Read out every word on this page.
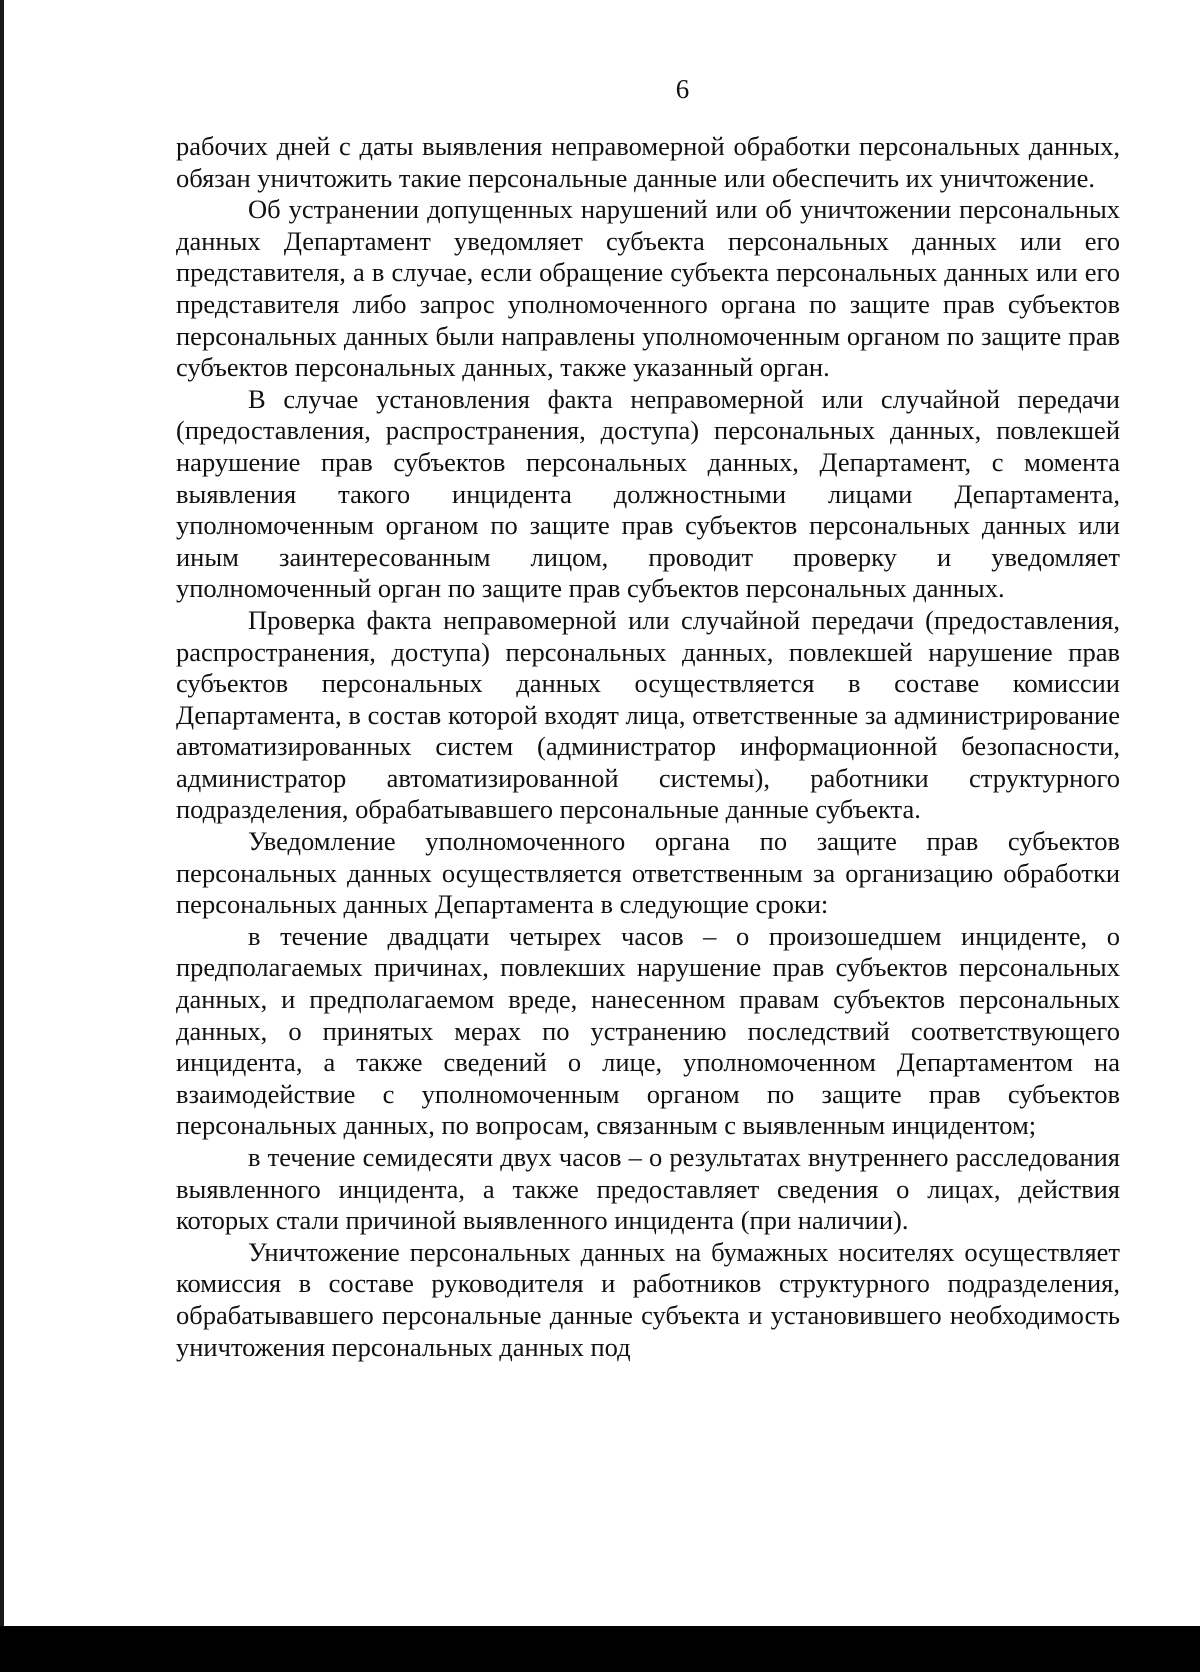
6

рабочих дней с даты выявления неправомерной обработки персональных данных, обязан уничтожить такие персональные данные или обеспечить их уничтожение.

Об устранении допущенных нарушений или об уничтожении персональных данных Департамент уведомляет субъекта персональных данных или его представителя, а в случае, если обращение субъекта персональных данных или его представителя либо запрос уполномоченного органа по защите прав субъектов персональных данных были направлены уполномоченным органом по защите прав субъектов персональных данных, также указанный орган.

В случае установления факта неправомерной или случайной передачи (предоставления, распространения, доступа) персональных данных, повлекшей нарушение прав субъектов персональных данных, Департамент, с момента выявления такого инцидента должностными лицами Департамента, уполномоченным органом по защите прав субъектов персональных данных или иным заинтересованным лицом, проводит проверку и уведомляет уполномоченный орган по защите прав субъектов персональных данных.

Проверка факта неправомерной или случайной передачи (предоставления, распространения, доступа) персональных данных, повлекшей нарушение прав субъектов персональных данных осуществляется в составе комиссии Департамента, в состав которой входят лица, ответственные за администрирование автоматизированных систем (администратор информационной безопасности, администратор автоматизированной системы), работники структурного подразделения, обрабатывавшего персональные данные субъекта.

Уведомление уполномоченного органа по защите прав субъектов персональных данных осуществляется ответственным за организацию обработки персональных данных Департамента в следующие сроки:

в течение двадцати четырех часов – о произошедшем инциденте, о предполагаемых причинах, повлекших нарушение прав субъектов персональных данных, и предполагаемом вреде, нанесенном правам субъектов персональных данных, о принятых мерах по устранению последствий соответствующего инцидента, а также сведений о лице, уполномоченном Департаментом на взаимодействие с уполномоченным органом по защите прав субъектов персональных данных, по вопросам, связанным с выявленным инцидентом;

в течение семидесяти двух часов – о результатах внутреннего расследования выявленного инцидента, а также предоставляет сведения о лицах, действия которых стали причиной выявленного инцидента (при наличии).

Уничтожение персональных данных на бумажных носителях осуществляет комиссия в составе руководителя и работников структурного подразделения, обрабатывавшего персональные данные субъекта и установившего необходимость уничтожения персональных данных под
